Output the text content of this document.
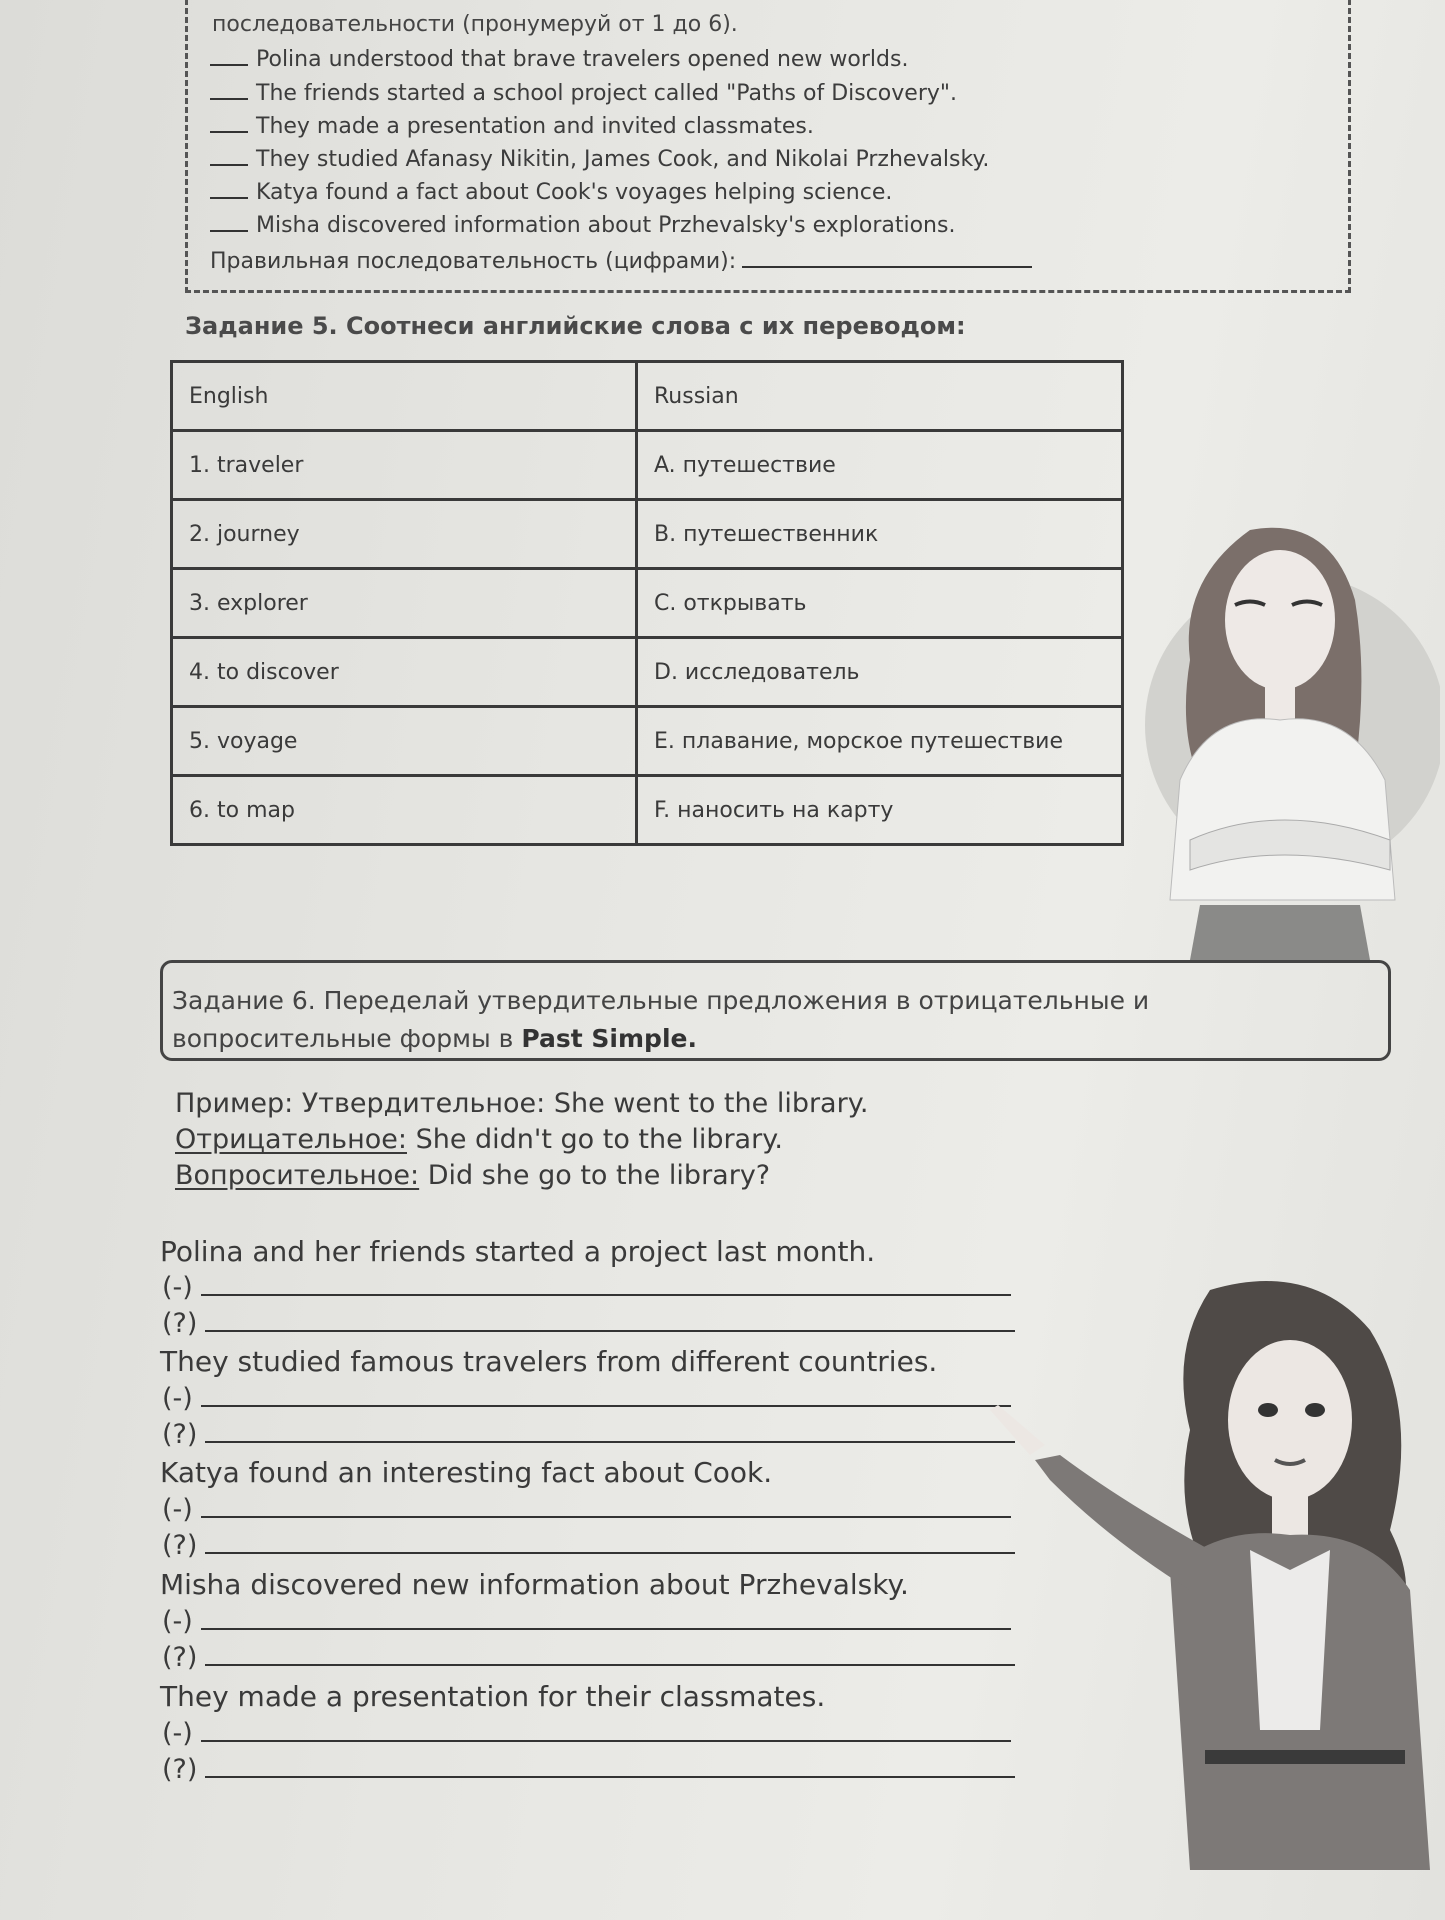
последовательности (пронумеруй от 1 до 6).
Polina understood that brave travelers opened new worlds.
The friends started a school project called "Paths of Discovery".
They made a presentation and invited classmates.
They studied Afanasy Nikitin, James Cook, and Nikolai Przhevalsky.
Katya found a fact about Cook's voyages helping science.
Misha discovered information about Przhevalsky's explorations.
Правильная последовательность (цифрами):
Задание 5. Соотнеси английские слова с их переводом:
English	Russian
1. traveler	A. путешествие
2. journey	B. путешественник
3. explorer	C. открывать
4. to discover	D. исследователь
5. voyage	E. плавание, морское путешествие
6. to map	F. наносить на карту
Задание 6. Переделай утвердительные предложения в отрицательные и вопросительные формы в Past Simple.
Пример: Утвердительное: She went to the library.
Отрицательное: She didn't go to the library.
Вопросительное: Did she go to the library?
Polina and her friends started a project last month.
(-)
(?)
They studied famous travelers from different countries.
(-)
(?)
Katya found an interesting fact about Cook.
(-)
(?)
Misha discovered new information about Przhevalsky.
(-)
(?)
They made a presentation for their classmates.
(-)
(?)
